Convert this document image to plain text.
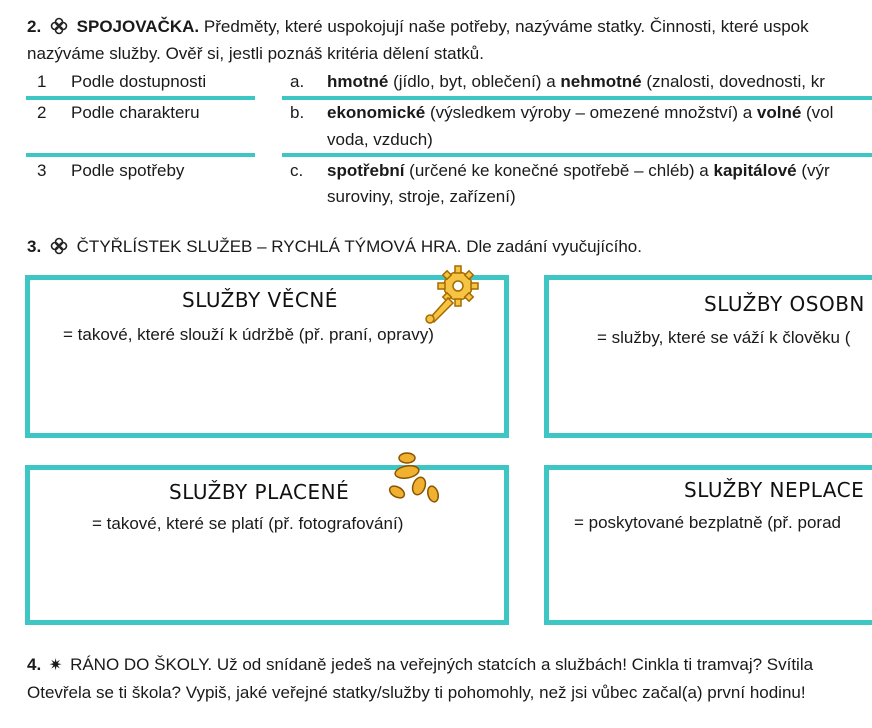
2. SPOJOVAČKA. Předměty, které uspokojují naše potřeby, nazýváme statky. Činnosti, které uspok
nazýváme služby. Ověř si, jestli poznáš kritéria dělení statků.
1 Podle dostupnosti	a. hmotné (jídlo, byt, oblečení) a nehmotné (znalosti, dovednosti, kr
2 Podle charakteru	b. ekonomické (výsledkem výroby – omezené množství) a volné (vol
voda, vzduch)
3 Podle spotřeby	c. spotřební (určené ke konečné spotřebě – chléb) a kapitálové (výr
suroviny, stroje, zařízení)
3. ČTYŘLÍSTEK SLUŽEB – RYCHLÁ TÝMOVÁ HRA. Dle zadání vyučujícího.
SLUŽBY VĚCNÉ
= takové, které slouží k údržbě (př. praní, opravy)
SLUŽBY OSOBN
= služby, které se váží k člověku (
SLUŽBY PLACENÉ
= takové, které se platí (př. fotografování)
SLUŽBY NEPLACE
= poskytované bezplatně (př. porad
4. ✷ RÁNO DO ŠKOLY. Už od snídaně jedeš na veřejných statcích a službách! Cinkla ti tramvaj? Svítila
Otevřela se ti škola? Vypiš, jaké veřejné statky/služby ti pohomohly, než jsi vůbec začal(a) první hodinu!
